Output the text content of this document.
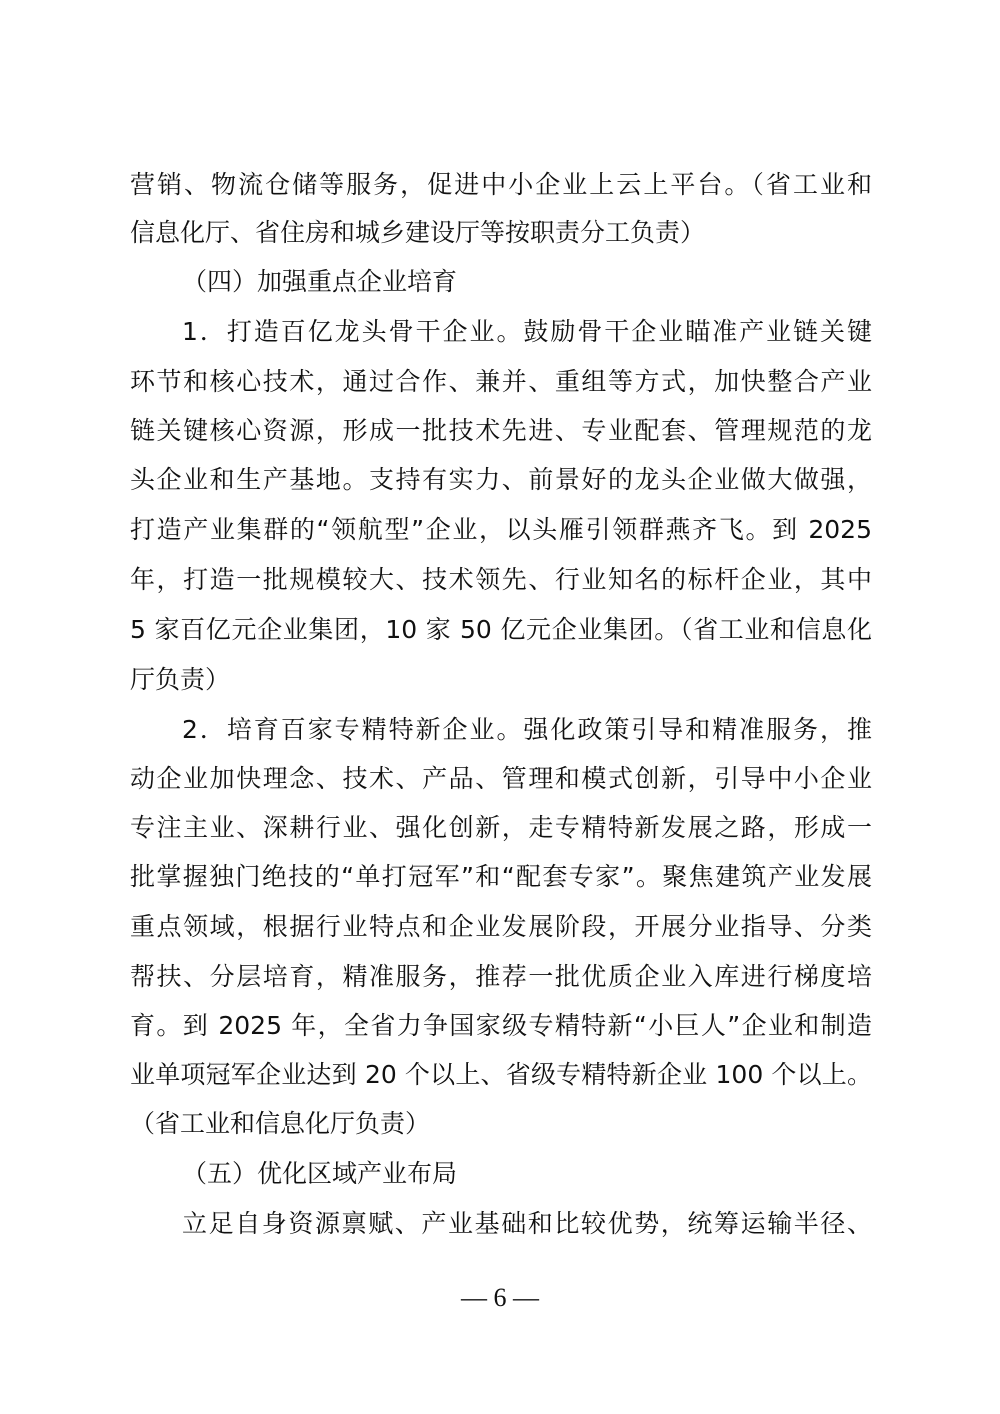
营销、物流仓储等服务，促进中小企业上云上平台。（省工业和
信息化厅、省住房和城乡建设厅等按职责分工负责）
（四）加强重点企业培育
1．打造百亿龙头骨干企业。鼓励骨干企业瞄准产业链关键
环节和核心技术，通过合作、兼并、重组等方式，加快整合产业
链关键核心资源，形成一批技术先进、专业配套、管理规范的龙
头企业和生产基地。支持有实力、前景好的龙头企业做大做强，
打造产业集群的“领航型”企业，以头雁引领群燕齐飞。到 2025
年，打造一批规模较大、技术领先、行业知名的标杆企业，其中
5 家百亿元企业集团，10 家 50 亿元企业集团。（省工业和信息化
厅负责）
2．培育百家专精特新企业。强化政策引导和精准服务，推
动企业加快理念、技术、产品、管理和模式创新，引导中小企业
专注主业、深耕行业、强化创新，走专精特新发展之路，形成一
批掌握独门绝技的“单打冠军”和“配套专家”。聚焦建筑产业发展
重点领域，根据行业特点和企业发展阶段，开展分业指导、分类
帮扶、分层培育，精准服务，推荐一批优质企业入库进行梯度培
育。到 2025 年，全省力争国家级专精特新“小巨人”企业和制造
业单项冠军企业达到 20 个以上、省级专精特新企业 100 个以上。
（省工业和信息化厅负责）
（五）优化区域产业布局
立足自身资源禀赋、产业基础和比较优势，统筹运输半径、
— 6 —
